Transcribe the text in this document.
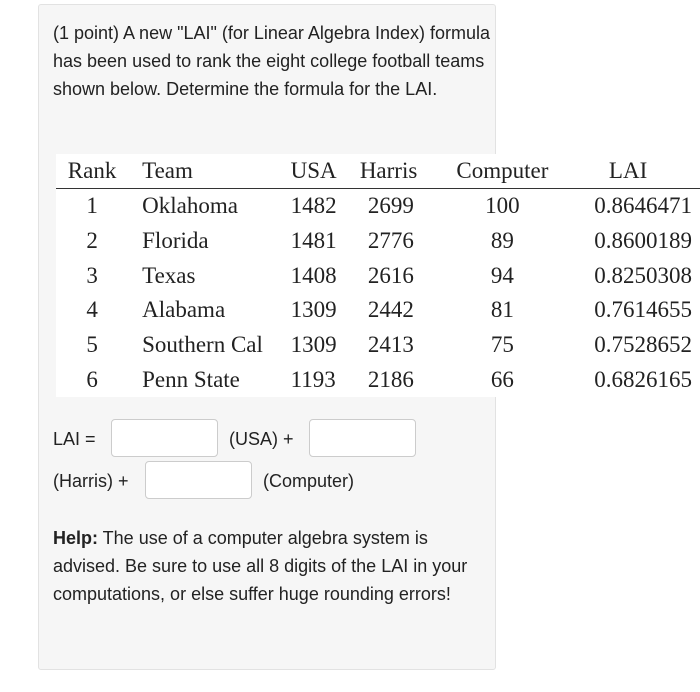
(1 point) A new "LAI" (for Linear Algebra Index) formula has been used to rank the eight college football teams shown below. Determine the formula for the LAI.
Rank	Team	USA	Harris	Computer	LAI
1	Oklahoma	1482	2699	100	0.8646471
2	Florida	1481	2776	89	0.8600189
3	Texas	1408	2616	94	0.8250308
4	Alabama	1309	2442	81	0.7614655
5	Southern Cal	1309	2413	75	0.7528652
6	Penn State	1193	2186	66	0.6826165
LAI =	(USA) +
(Harris) +	(Computer)
Help: The use of a computer algebra system is advised. Be sure to use all 8 digits of the LAI in your computations, or else suffer huge rounding errors!
